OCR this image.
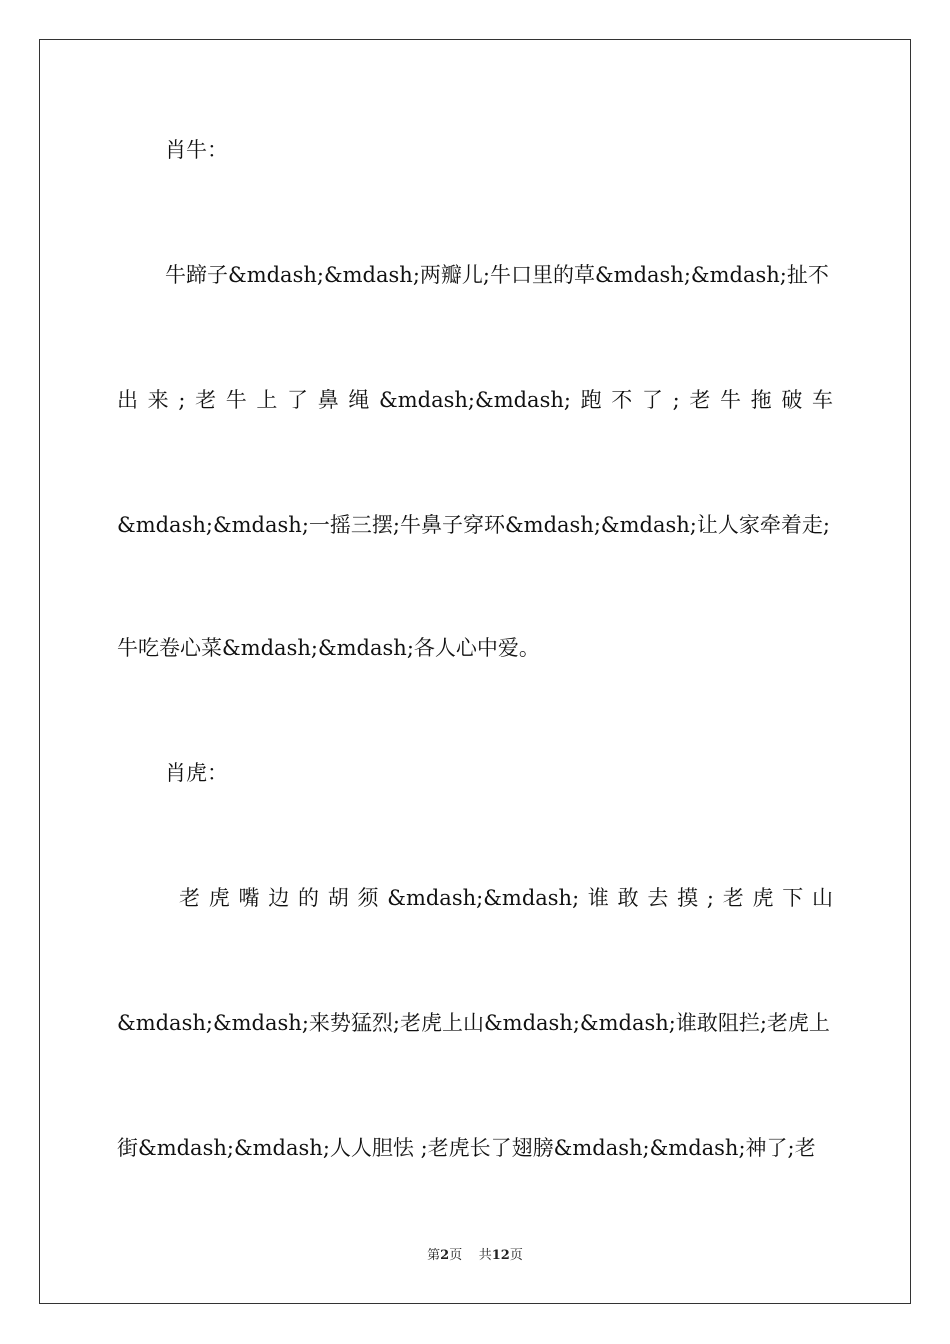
肖牛：
牛蹄子&mdash;&mdash;两瓣儿;牛口里的草&mdash;&mdash;扯不
出来;老牛上了鼻绳&mdash;&mdash;跑不了;老牛拖破车
&mdash;&mdash;一摇三摆;牛鼻子穿环&mdash;&mdash;让人家牵着走;
牛吃卷心菜&mdash;&mdash;各人心中爱。
肖虎：
老虎嘴边的胡须&mdash;&mdash;谁敢去摸;老虎下山
&mdash;&mdash;来势猛烈;老虎上山&mdash;&mdash;谁敢阻拦;老虎上
街&mdash;&mdash;人人胆怯 ;老虎长了翅膀&mdash;&mdash;神了;老
第2页 共12页
